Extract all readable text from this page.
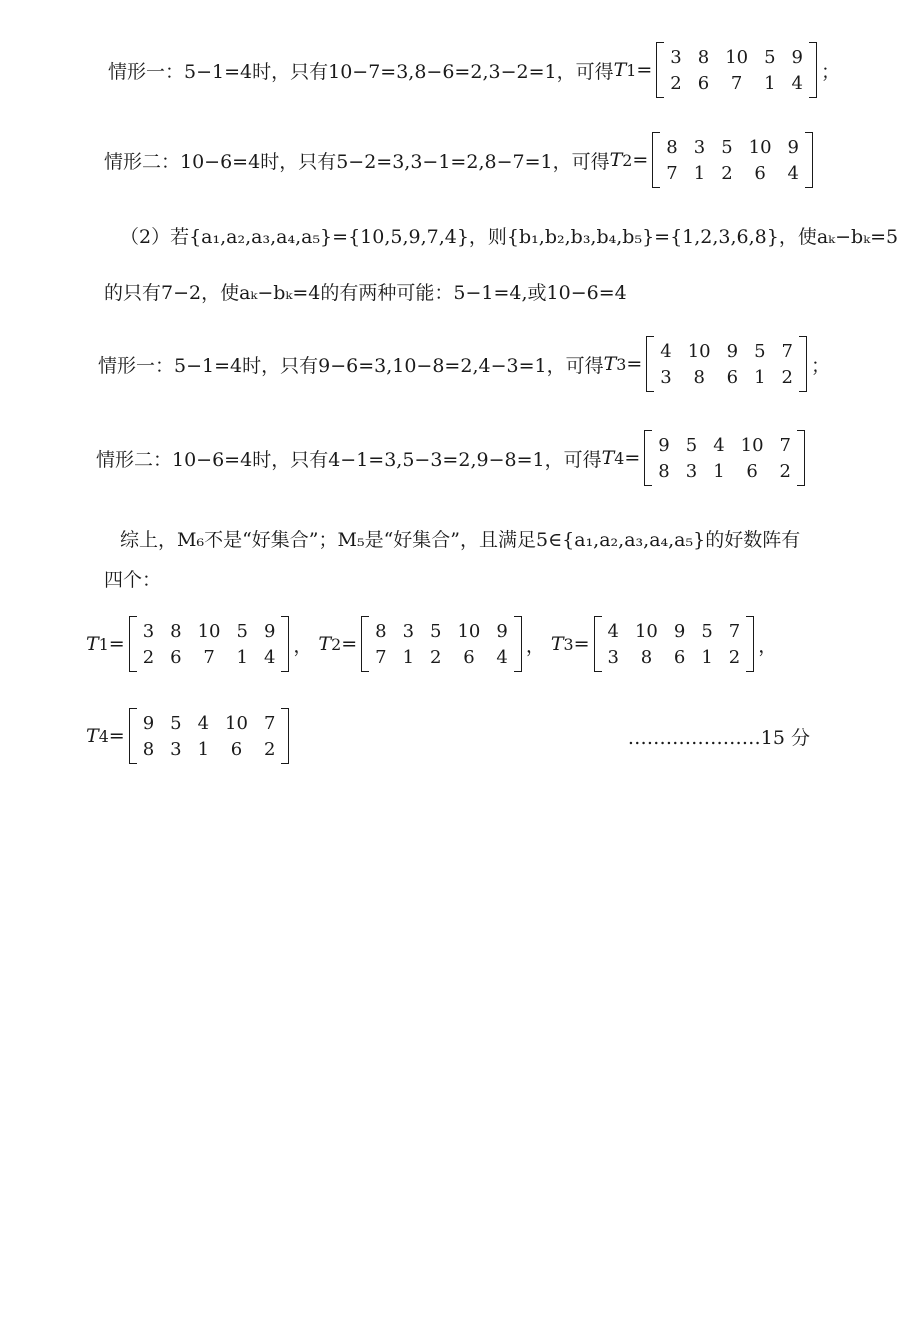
情形一：5−1=4时，只有10−7=3,8−6=2,3−2=1，可得 T 1 =
3 8 10 5 9
2 6	7	1 4
；
情形二：10−6=4时，只有5−2=3,3−1=2,8−7=1，可得 T 2 =
8 3 5 10 9
7 1 2	6	4
（2）若{a₁,a₂,a₃,a₄,a₅}={10,5,9,7,4}，则{b₁,b₂,b₃,b₄,b₅}={1,2,3,6,8}，使aₖ−bₖ=5
的只有7−2，使aₖ−bₖ=4的有两种可能：5−1=4,或10−6=4
情形一：5−1=4时，只有9−6=3,10−8=2,4−3=1，可得 T 3 =
4 10 9 5 7
3	8	6 1 2
；
情形二：10−6=4时，只有4−1=3,5−3=2,9−8=1，可得 T 4 =
9 5 4 10 7
8 3 1	6	2
综上，M₆不是“好集合”；M₅是“好集合”，且满足5∈{a₁,a₂,a₃,a₄,a₅}的好数阵有
四个：
T 1 =
3 8 10 5 9
2 6	7	1 4
， T 2 =
8 3 5 10 9
7 1 2	6	4
， T 3 =
4 10 9 5 7
3	8	6 1 2
，
T 4 =
9 5 4 10 7
8 3 1	6	2
…………………15 分
